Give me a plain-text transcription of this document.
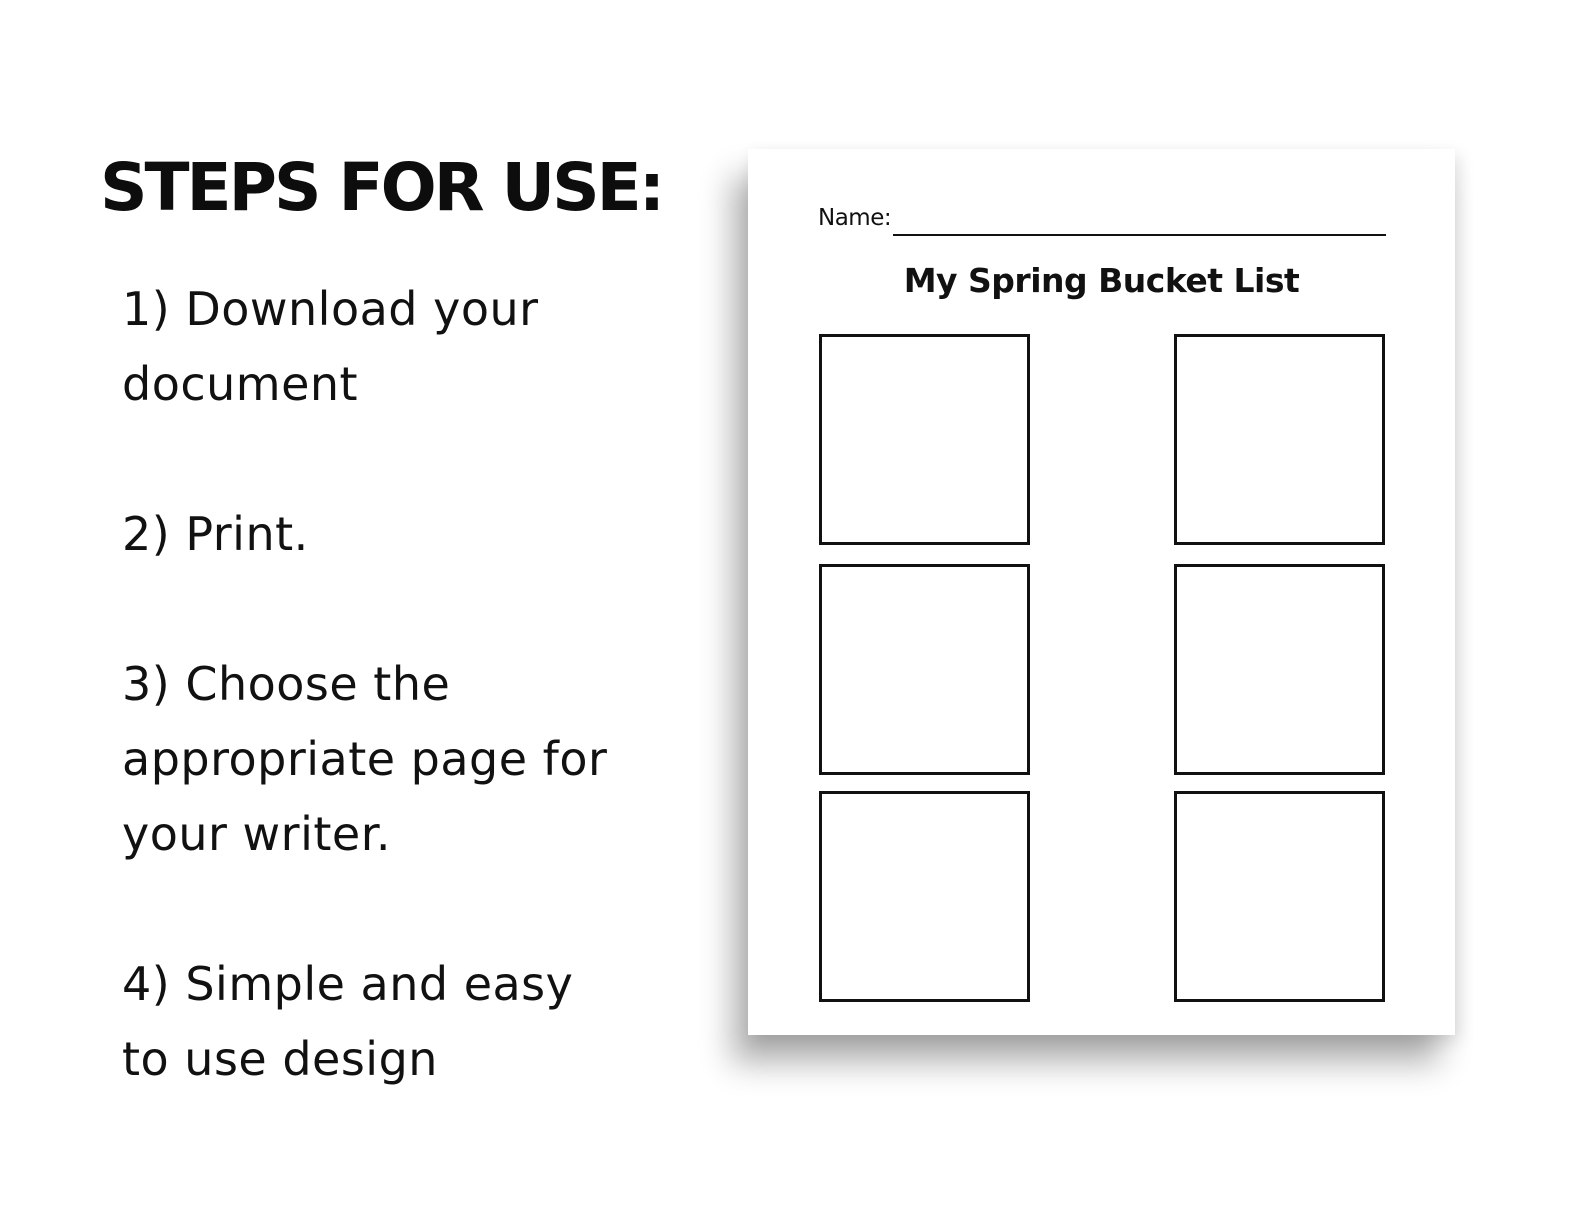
STEPS FOR USE:
1) Download your
document
2) Print.
3) Choose the
appropriate page for
your writer.
4) Simple and easy
to use design
Name:
My Spring Bucket List
